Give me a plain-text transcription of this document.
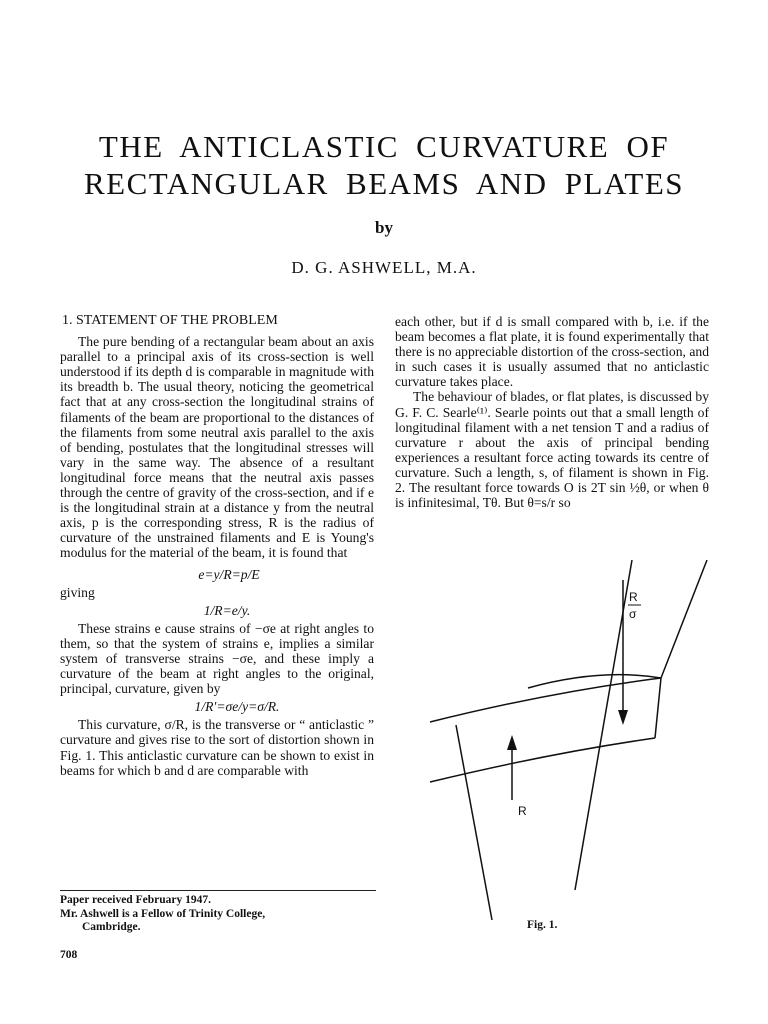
THE ANTICLASTIC CURVATURE OF
RECTANGULAR BEAMS AND PLATES
by
D. G. ASHWELL, M.A.
1. STATEMENT OF THE PROBLEM

The pure bending of a rectangular beam about an axis parallel to a principal axis of its cross-section is well understood if its depth d is comparable in magnitude with its breadth b. The usual theory, noticing the geometrical fact that at any cross-section the longitudinal strains of filaments of the beam are proportional to the distances of the filaments from some neutral axis parallel to the axis of bending, postulates that the longitudinal stresses will vary in the same way. The absence of a resultant longitudinal force means that the neutral axis passes through the centre of gravity of the cross-section, and if e is the longitudinal strain at a distance y from the neutral axis, p is the corresponding stress, R is the radius of curvature of the unstrained filaments and E is Young's modulus for the material of the beam, it is found that

e=y/R=p/E
giving
1/R=e/y.

These strains e cause strains of −σe at right angles to them, so that the system of strains e, implies a similar system of transverse strains −σe, and these imply a curvature of the beam at right angles to the original, principal, curvature, given by

1/R′=σe/y=σ/R.

This curvature, σ/R, is the transverse or “ anticlastic ” curvature and gives rise to the sort of distortion shown in Fig. 1. This anticlastic curvature can be shown to exist in beams for which b and d are comparable with

each other, but if d is small compared with b, i.e. if the beam becomes a flat plate, it is found experimentally that there is no appreciable distortion of the cross-section, and in such cases it is usually assumed that no anticlastic curvature takes place.

The behaviour of blades, or flat plates, is discussed by G. F. C. Searle⁽¹⁾. Searle points out that a small length of longitudinal filament with a net tension T and a radius of curvature r about the axis of principal bending experiences a resultant force acting towards its centre of curvature. Such a length, s, of filament is shown in Fig. 2. The resultant force towards O is 2T sin ½θ, or when θ is infinitesimal, Tθ. But θ=s/r so

R
σ
R
Fig. 1.
Paper received February 1947.
Mr. Ashwell is a Fellow of Trinity College,
Cambridge.
708
